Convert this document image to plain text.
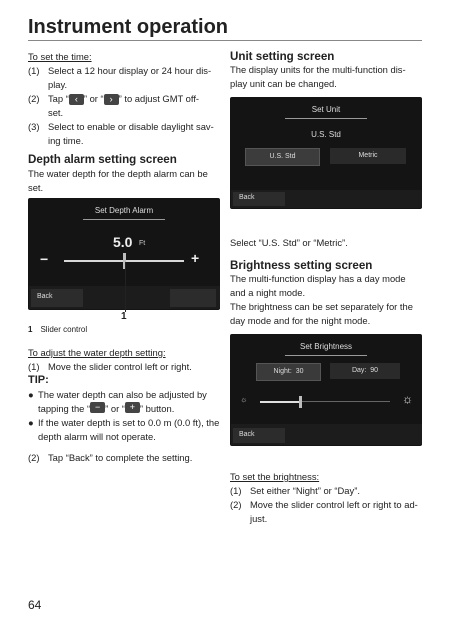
Instrument operation
To set the time:
(1) Select a 12 hour display or 24 hour dis-
play.
(2) Tap “ ‹ ” or “ › ” to adjust GMT off-
set.
(3) Select to enable or disable daylight sav-
ing time.
Depth alarm setting screen
The water depth for the depth alarm can be
set.
Set Depth Alarm
5.0 Ft
−	+
Back
1
1 Slider control
To adjust the water depth setting:
(1) Move the slider control left or right.
TIP:
● The water depth can also be adjusted by
tapping the “ − ” or “ + ” button.
● If the water depth is set to 0.0 m (0.0 ft), the
depth alarm will not operate.
(2) Tap “Back” to complete the setting.
Unit setting screen
The display units for the multi-function dis-
play unit can be changed.
Set Unit
U.S. Std
U.S. Std	Metric
Back
Select “U.S. Std” or “Metric”.
Brightness setting screen
The multi-function display has a day mode
and a night mode.
The brightness can be set separately for the
day mode and for the night mode.
Set Brightness
Night: 30	Day: 90
☼	☼
Back
To set the brightness:
(1) Set either “Night” or “Day”.
(2) Move the slider control left or right to ad-
just.
64
